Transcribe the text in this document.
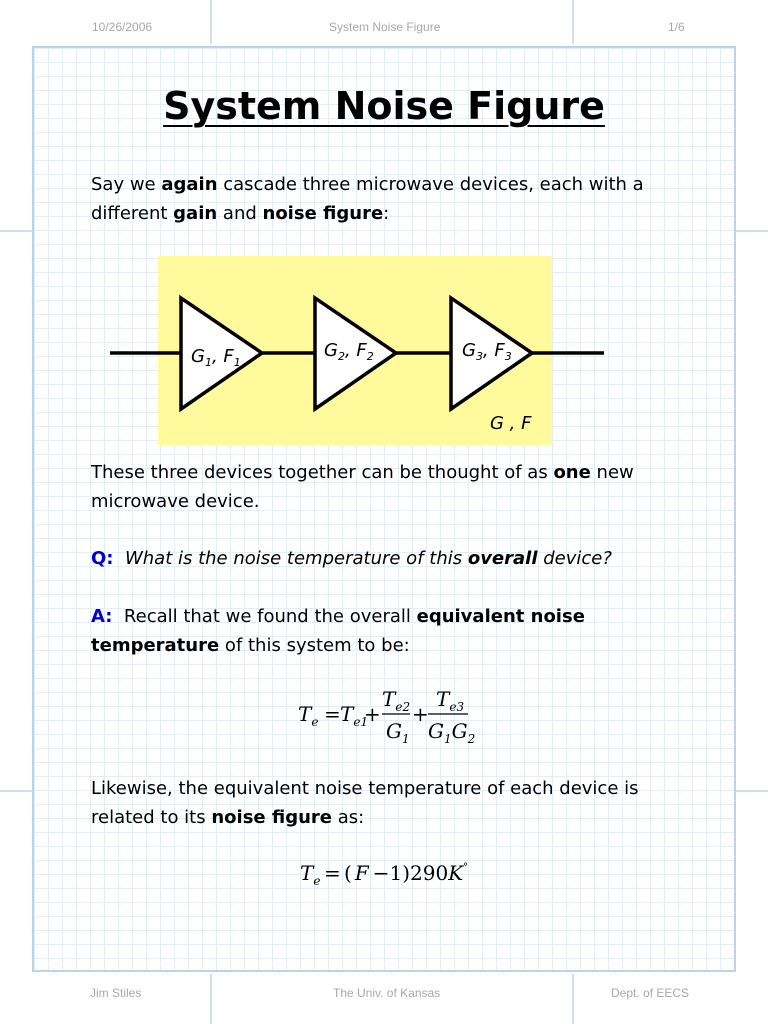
10/26/2006	System Noise Figure	1/6
Jim Stiles	The Univ. of Kansas	Dept. of EECS
System Noise Figure
Say we again cascade three microwave devices, each with a different gain and noise figure:
$G_1$, $F_1$
$G_2$, $F_2$	$G_3$, $F_3$
G , F
$T_e = T_{e1}$
+
$T_{e2}$
$G_1$
+
$T_{e3}$
$G_1G_2$
$T_e$ = ( F −1)290K°
These three devices together can be thought of as one new microwave device.
Q: What is the noise temperature of this overall device?
A: Recall that we found the overall equivalent noise temperature of this system to be:
Likewise, the equivalent noise temperature of each device is related to its noise figure as:
